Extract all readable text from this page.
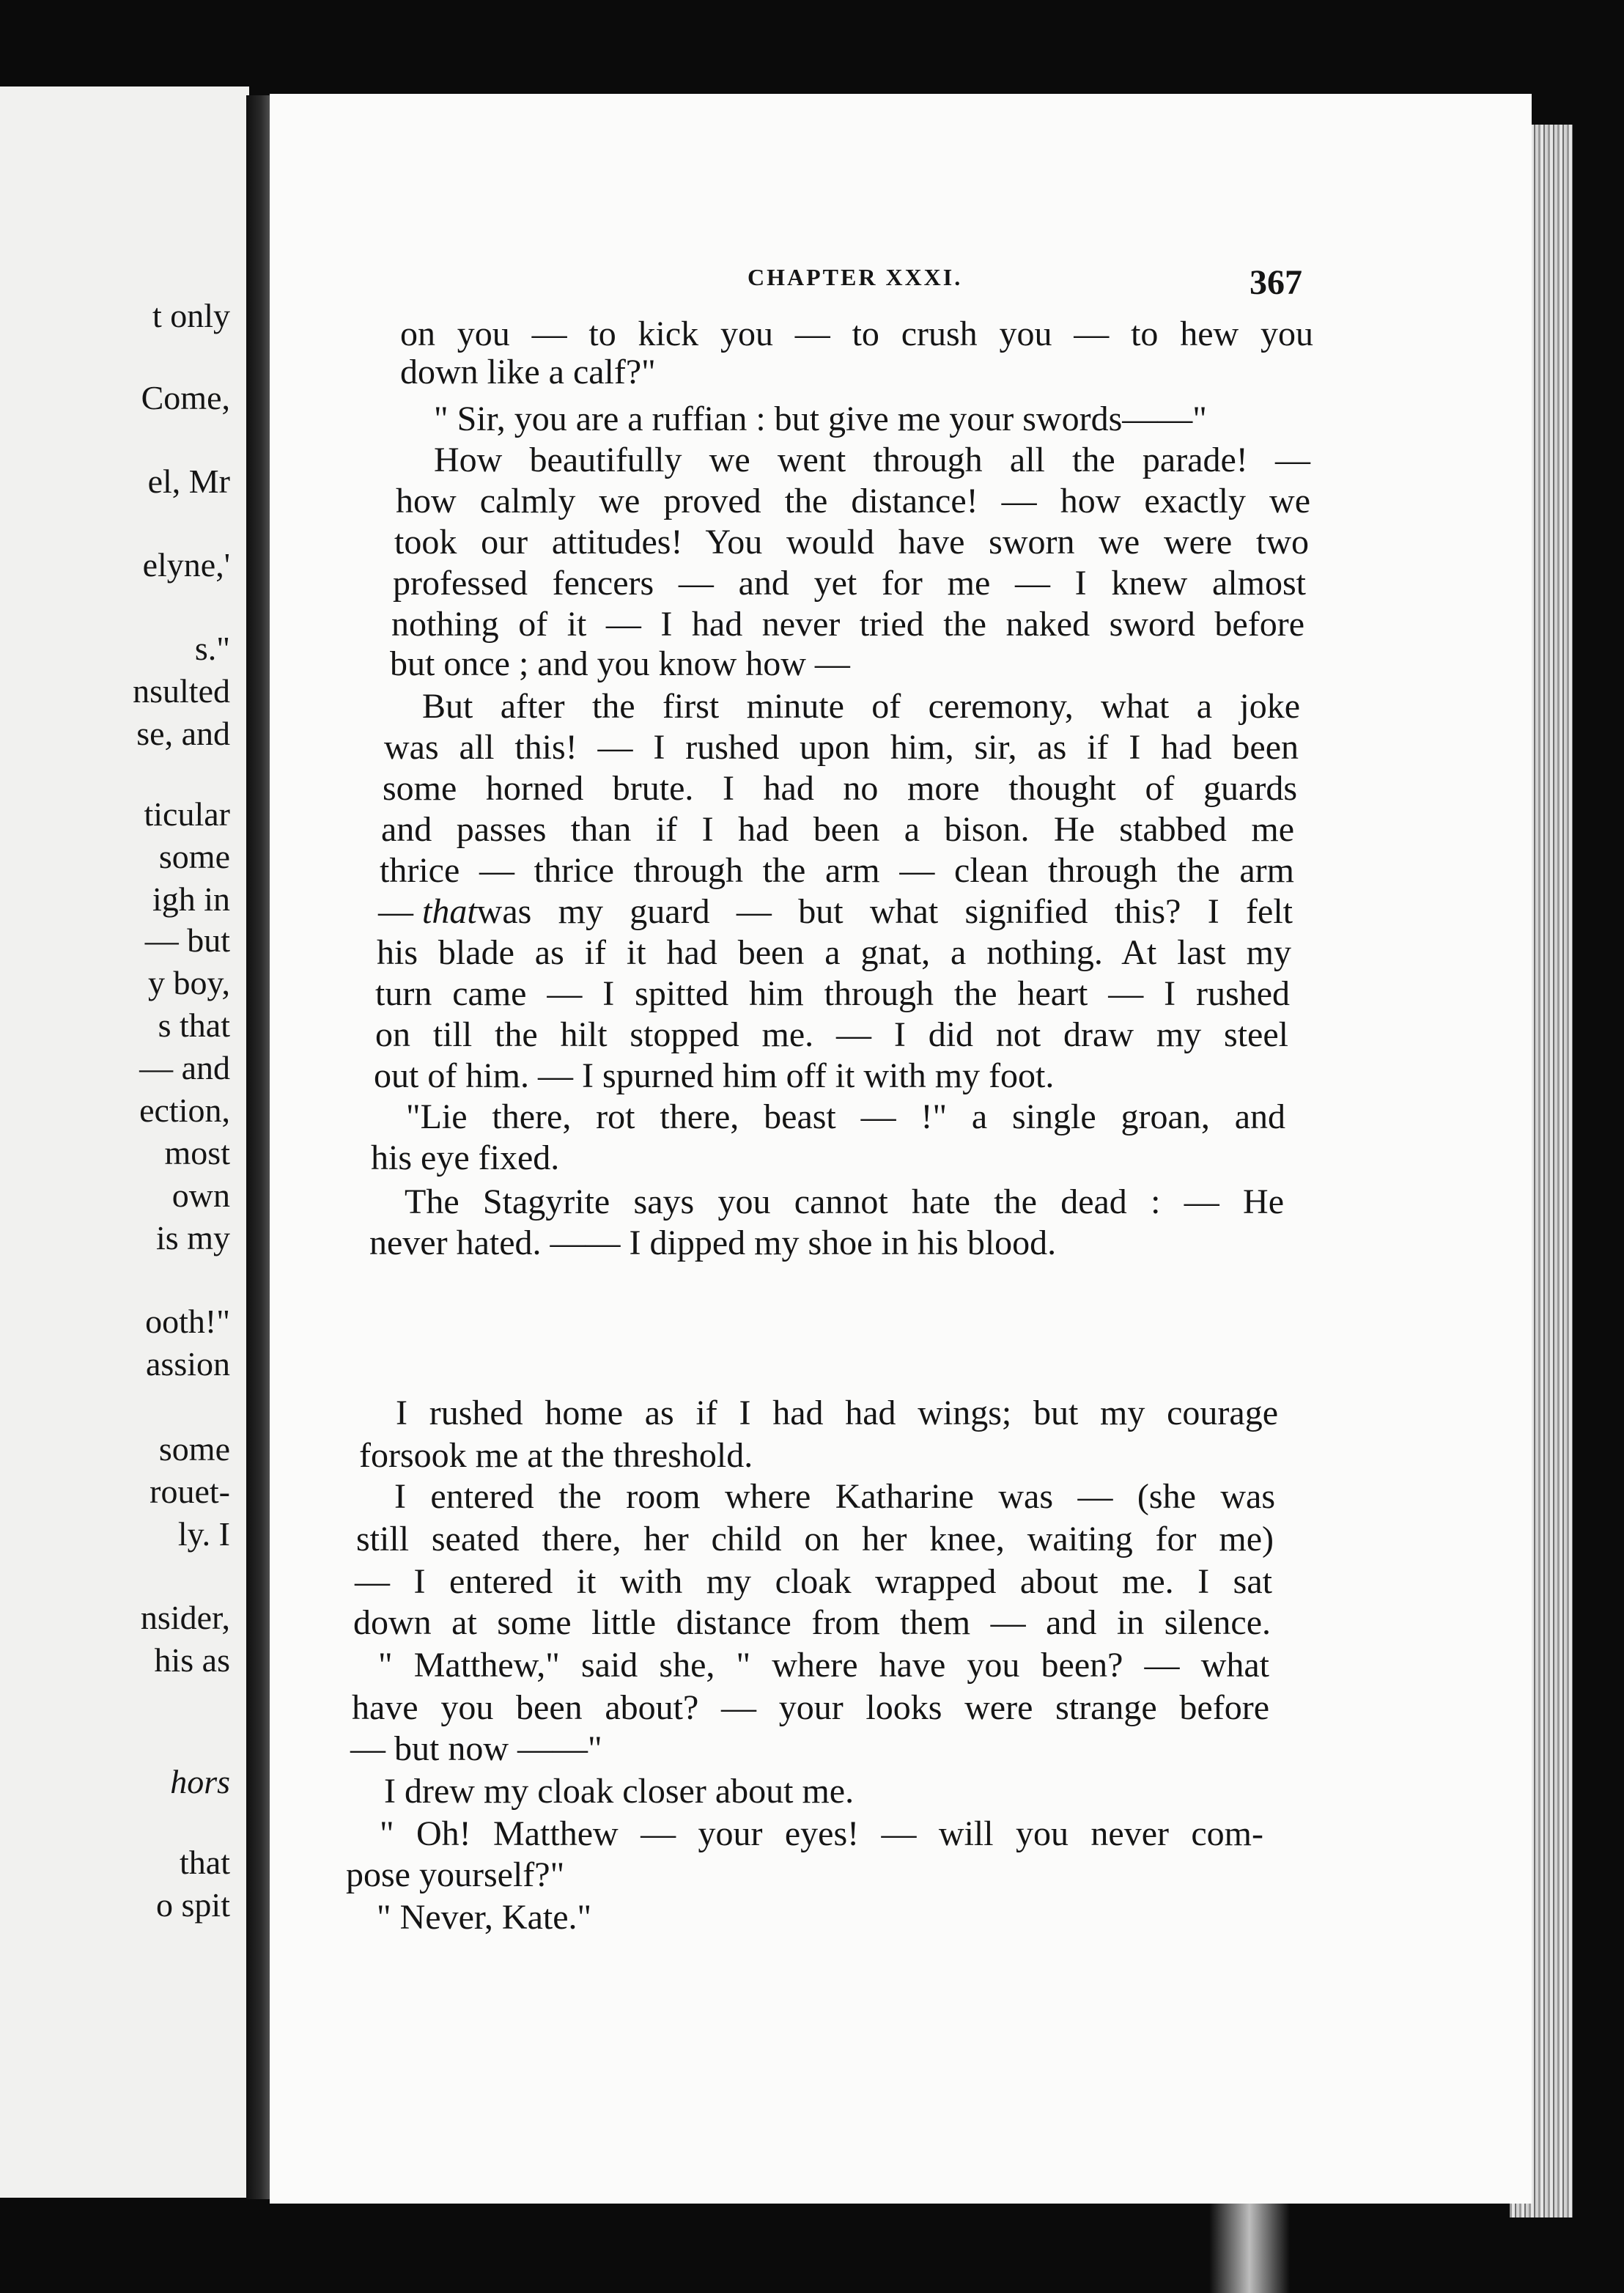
t only
Come,
el, Mr
elyne,'
s."
nsulted
se, and
ticular
some
igh in
— but
y boy,
s that
— and
ection,
most
own
is my
ooth!"
assion
some
rouet-
ly. I
nsider,
his as
hors
that
o spit
CHAPTER XXXI.	367
on you — to kick you — to crush you — to hew you
down like a calf?"
" Sir, you are a ruffian : but give me your swords——"
How beautifully we went through all the parade! —
how calmly we proved the distance! — how exactly we
took our attitudes! You would have sworn we were two
professed fencers — and yet for me — I knew almost
nothing of it — I had never tried the naked sword before
but once ; and you know how —
But after the first minute of ceremony, what a joke
was all this! — I rushed upon him, sir, as if I had been
some horned brute. I had no more thought of guards
and passes than if I had been a bison. He stabbed me
thrice — thrice through the arm — clean through the arm
— that was my guard — but what signified this? I felt
his blade as if it had been a gnat, a nothing. At last my
turn came — I spitted him through the heart — I rushed
on till the hilt stopped me. — I did not draw my steel
out of him. — I spurned him off it with my foot.
"Lie there, rot there, beast — !" a single groan, and
his eye fixed.
The Stagyrite says you cannot hate the dead : — He
never hated. —— I dipped my shoe in his blood.
I rushed home as if I had had wings; but my courage
forsook me at the threshold.
I entered the room where Katharine was — (she was
still seated there, her child on her knee, waiting for me)
— I entered it with my cloak wrapped about me. I sat
down at some little distance from them — and in silence.
" Matthew," said she, " where have you been? — what
have you been about? — your looks were strange before
— but now ——"
I drew my cloak closer about me.
" Oh! Matthew — your eyes! — will you never com-
pose yourself?"
" Never, Kate."
